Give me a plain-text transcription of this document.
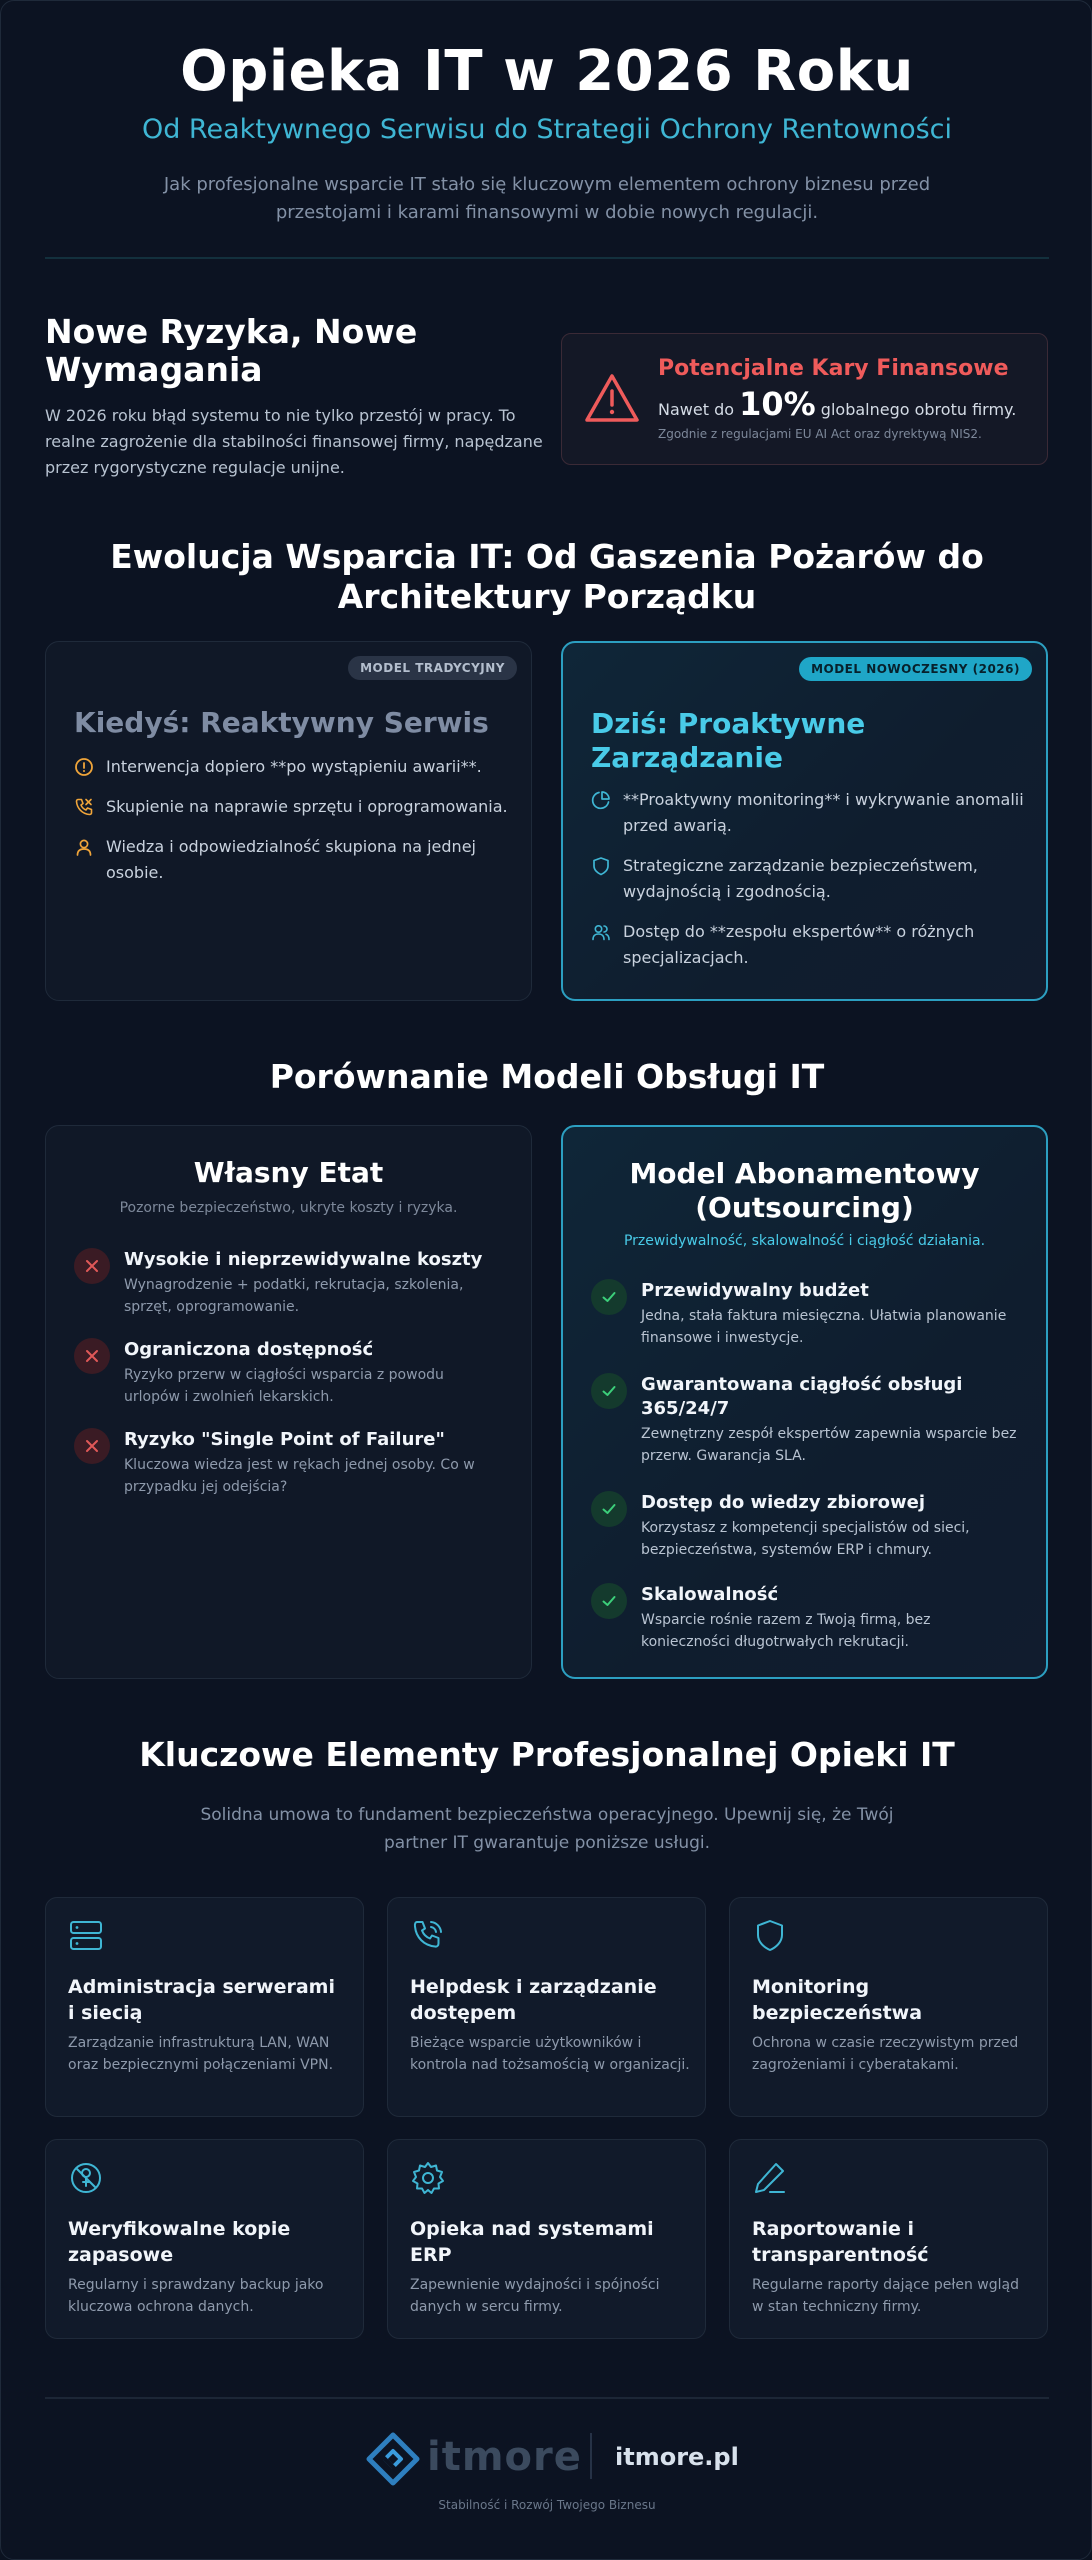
Opieka IT w 2026 Roku
Od Reaktywnego Serwisu do Strategii Ochrony Rentowności
Jak profesjonalne wsparcie IT stało się kluczowym elementem ochrony biznesu przed przestojami i karami finansowymi w dobie nowych regulacji.
Nowe Ryzyka, Nowe Wymagania

W 2026 roku błąd systemu to nie tylko przestój w pracy. To realne zagrożenie dla stabilności finansowej firmy, napędzane przez rygorystyczne regulacje unijne.

Potencjalne Kary Finansowe
Nawet do 10% globalnego obrotu firmy.
Zgodnie z regulacjami EU AI Act oraz dyrektywą NIS2.
Ewolucja Wsparcia IT: Od Gaszenia Pożarów do Architektury Porządku
MODEL TRADYCYJNY
Kiedyś: Reaktywny Serwis
Interwencja dopiero **po wystąpieniu awarii**.
Skupienie na naprawie sprzętu i oprogramowania.
Wiedza i odpowiedzialność skupiona na jednej osobie.
MODEL NOWOCZESNY (2026)
Dziś: Proaktywne Zarządzanie
**Proaktywny monitoring** i wykrywanie anomalii przed awarią.
Strategiczne zarządzanie bezpieczeństwem, wydajnością i zgodnością.
Dostęp do **zespołu ekspertów** o różnych specjalizacjach.
Porównanie Modeli Obsługi IT
Własny Etat
Pozorne bezpieczeństwo, ukryte koszty i ryzyka.
Wysokie i nieprzewidywalne koszty
Wynagrodzenie + podatki, rekrutacja, szkolenia, sprzęt, oprogramowanie.
Ograniczona dostępność
Ryzyko przerw w ciągłości wsparcia z powodu urlopów i zwolnień lekarskich.
Ryzyko "Single Point of Failure"
Kluczowa wiedza jest w rękach jednej osoby. Co w przypadku jej odejścia?
Model Abonamentowy (Outsourcing)
Przewidywalność, skalowalność i ciągłość działania.
Przewidywalny budżet
Jedna, stała faktura miesięczna. Ułatwia planowanie finansowe i inwestycje.
Gwarantowana ciągłość obsługi 365/24/7
Zewnętrzny zespół ekspertów zapewnia wsparcie bez przerw. Gwarancja SLA.
Dostęp do wiedzy zbiorowej
Korzystasz z kompetencji specjalistów od sieci, bezpieczeństwa, systemów ERP i chmury.
Skalowalność
Wsparcie rośnie razem z Twoją firmą, bez konieczności długotrwałych rekrutacji.
Kluczowe Elementy Profesjonalnej Opieki IT
Solidna umowa to fundament bezpieczeństwa operacyjnego. Upewnij się, że Twój partner IT gwarantuje poniższe usługi.
Administracja serwerami i siecią
Zarządzanie infrastrukturą LAN, WAN oraz bezpiecznymi połączeniami VPN.
Helpdesk i zarządzanie dostępem
Bieżące wsparcie użytkowników i kontrola nad tożsamością w organizacji.
Monitoring bezpieczeństwa
Ochrona w czasie rzeczywistym przed zagrożeniami i cyberatakami.
Weryfikowalne kopie zapasowe
Regularny i sprawdzany backup jako kluczowa ochrona danych.
Opieka nad systemami ERP
Zapewnienie wydajności i spójności danych w sercu firmy.
Raportowanie i transparentność
Regularne raporty dające pełen wgląd w stan techniczny firmy.
itmore itmore.pl
Stabilność i Rozwój Twojego Biznesu
